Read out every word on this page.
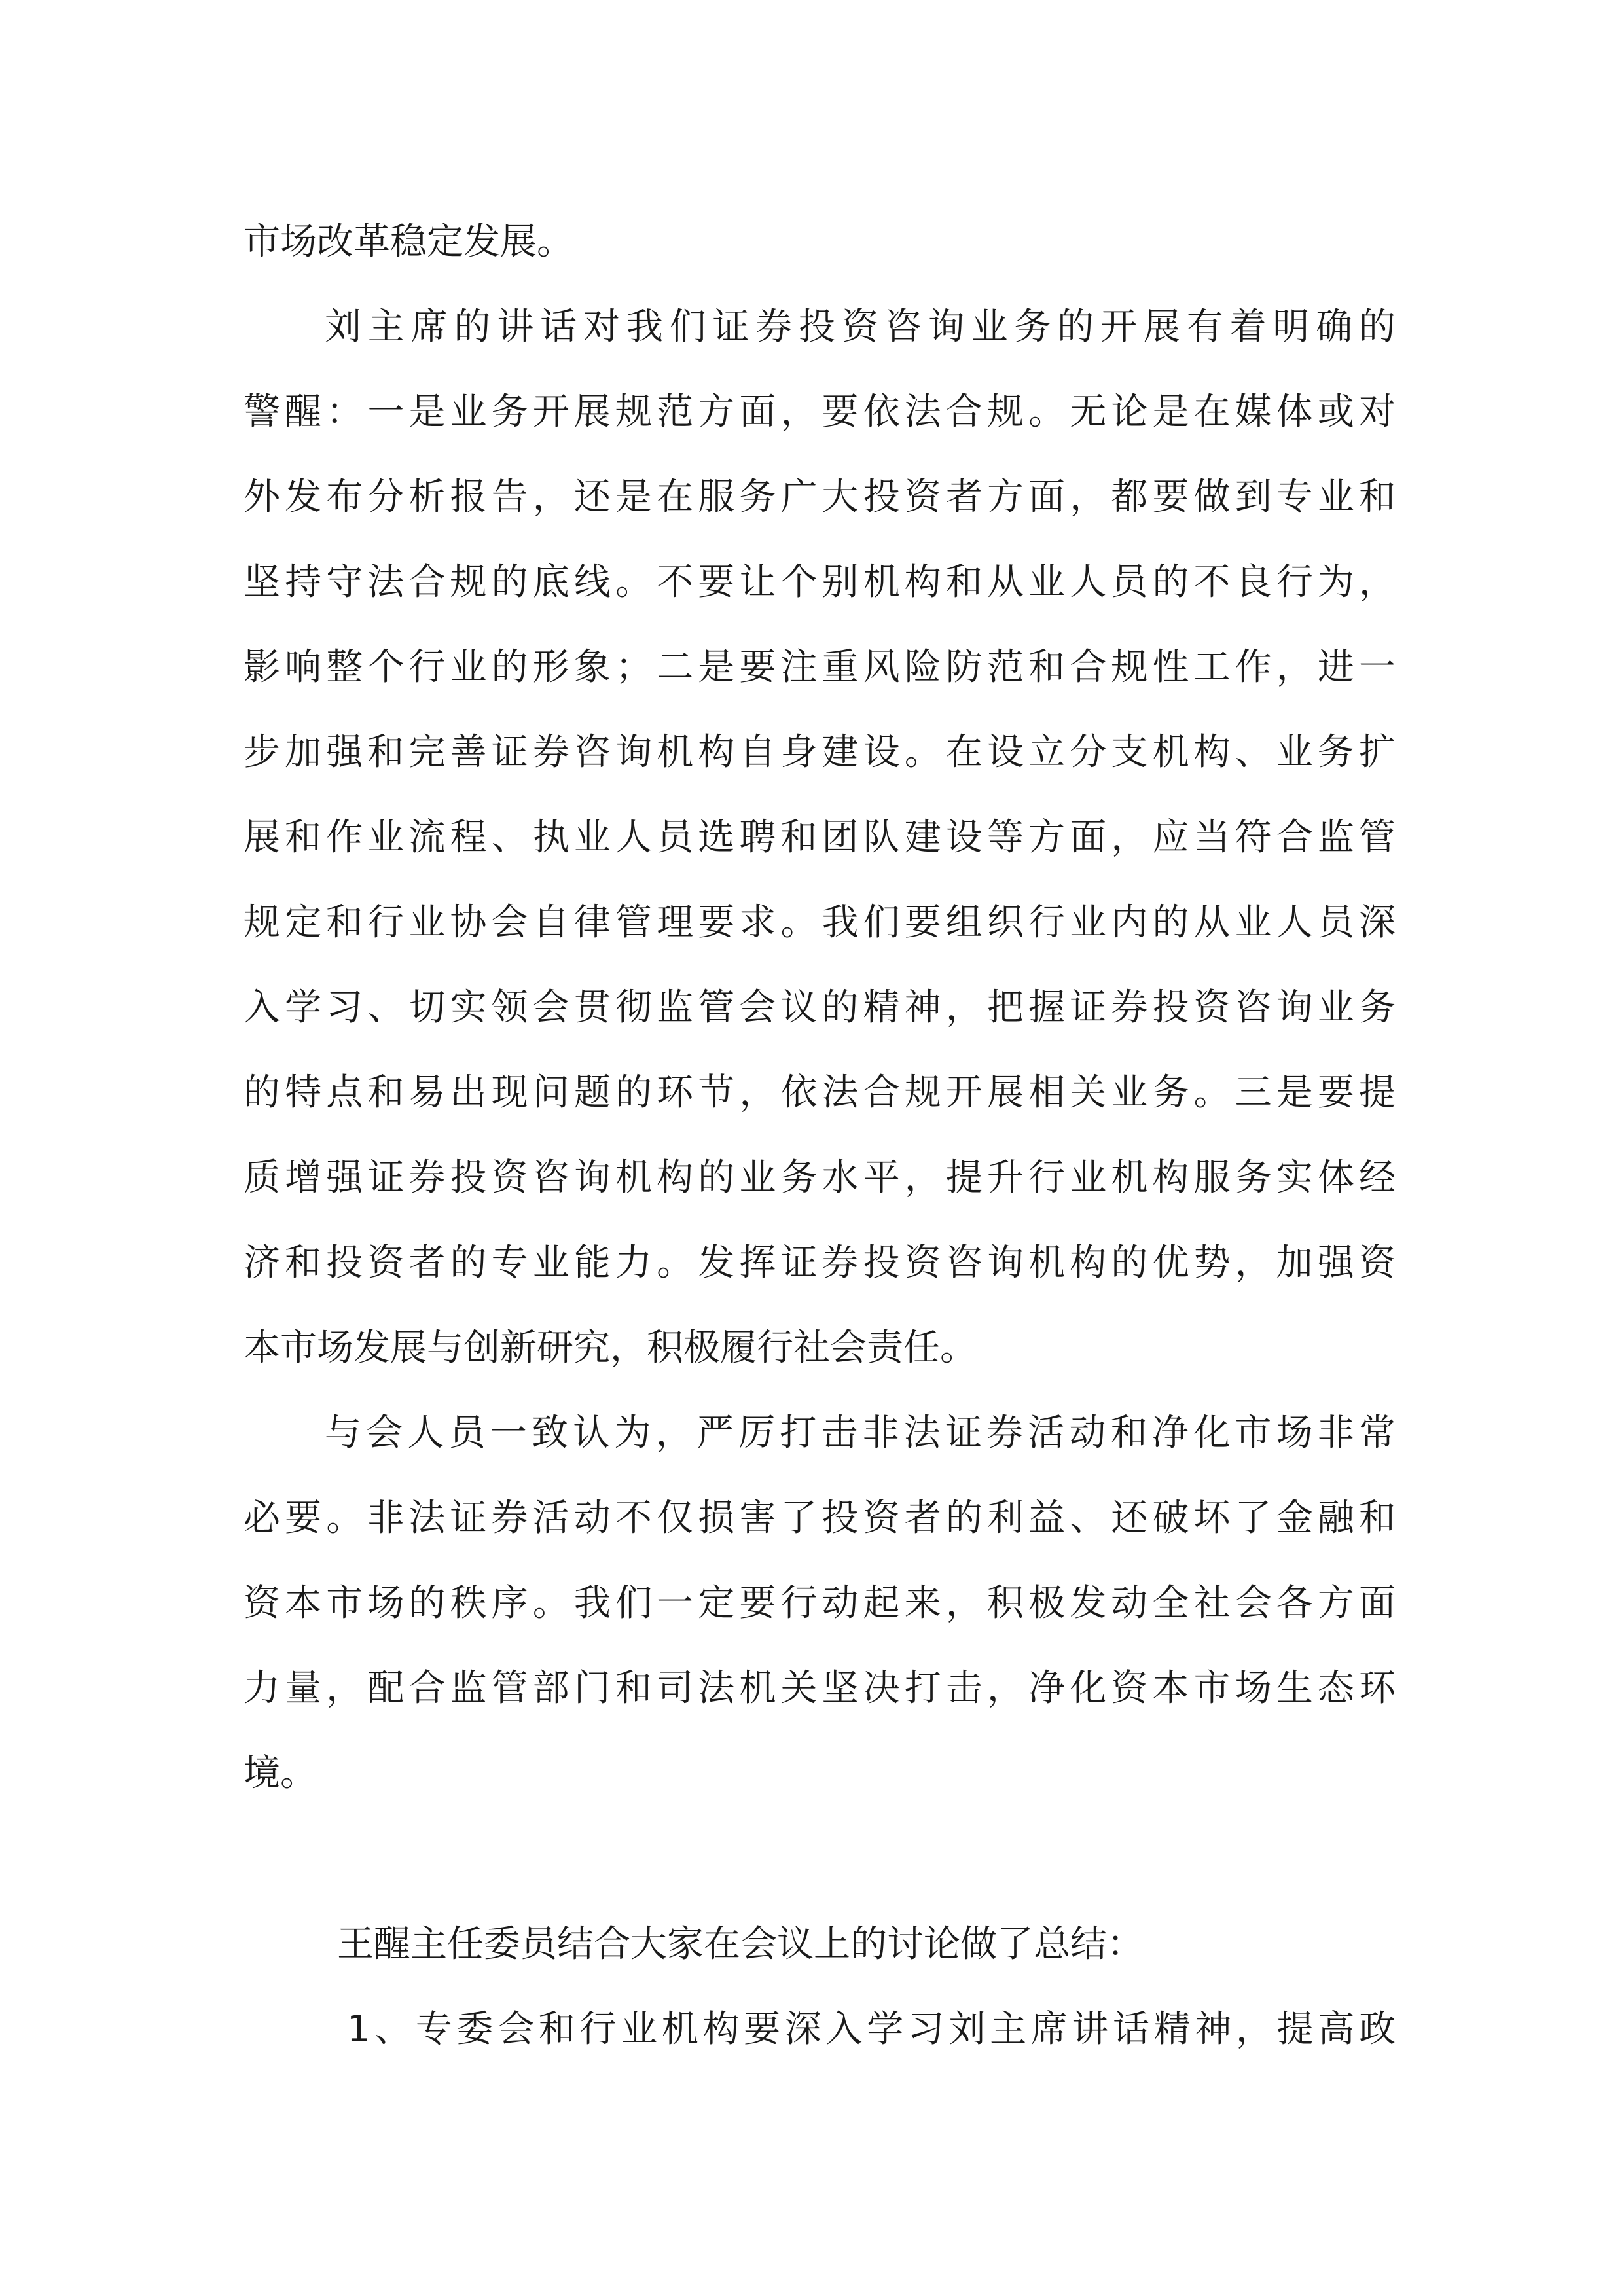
市场改革稳定发展。
刘主席的讲话对我们证券投资咨询业务的开展有着明确的
警醒：一是业务开展规范方面，要依法合规。无论是在媒体或对
外发布分析报告，还是在服务广大投资者方面，都要做到专业和
坚持守法合规的底线。不要让个别机构和从业人员的不良行为，
影响整个行业的形象；二是要注重风险防范和合规性工作，进一
步加强和完善证券咨询机构自身建设。在设立分支机构、业务扩
展和作业流程、执业人员选聘和团队建设等方面，应当符合监管
规定和行业协会自律管理要求。我们要组织行业内的从业人员深
入学习、切实领会贯彻监管会议的精神，把握证券投资咨询业务
的特点和易出现问题的环节，依法合规开展相关业务。三是要提
质增强证券投资咨询机构的业务水平，提升行业机构服务实体经
济和投资者的专业能力。发挥证券投资咨询机构的优势，加强资
本市场发展与创新研究，积极履行社会责任。
与会人员一致认为，严厉打击非法证券活动和净化市场非常
必要。非法证券活动不仅损害了投资者的利益、还破坏了金融和
资本市场的秩序。我们一定要行动起来，积极发动全社会各方面
力量，配合监管部门和司法机关坚决打击，净化资本市场生态环
境。
王醒主任委员结合大家在会议上的讨论做了总结：
1、专委会和行业机构要深入学习刘主席讲话精神，提高政
